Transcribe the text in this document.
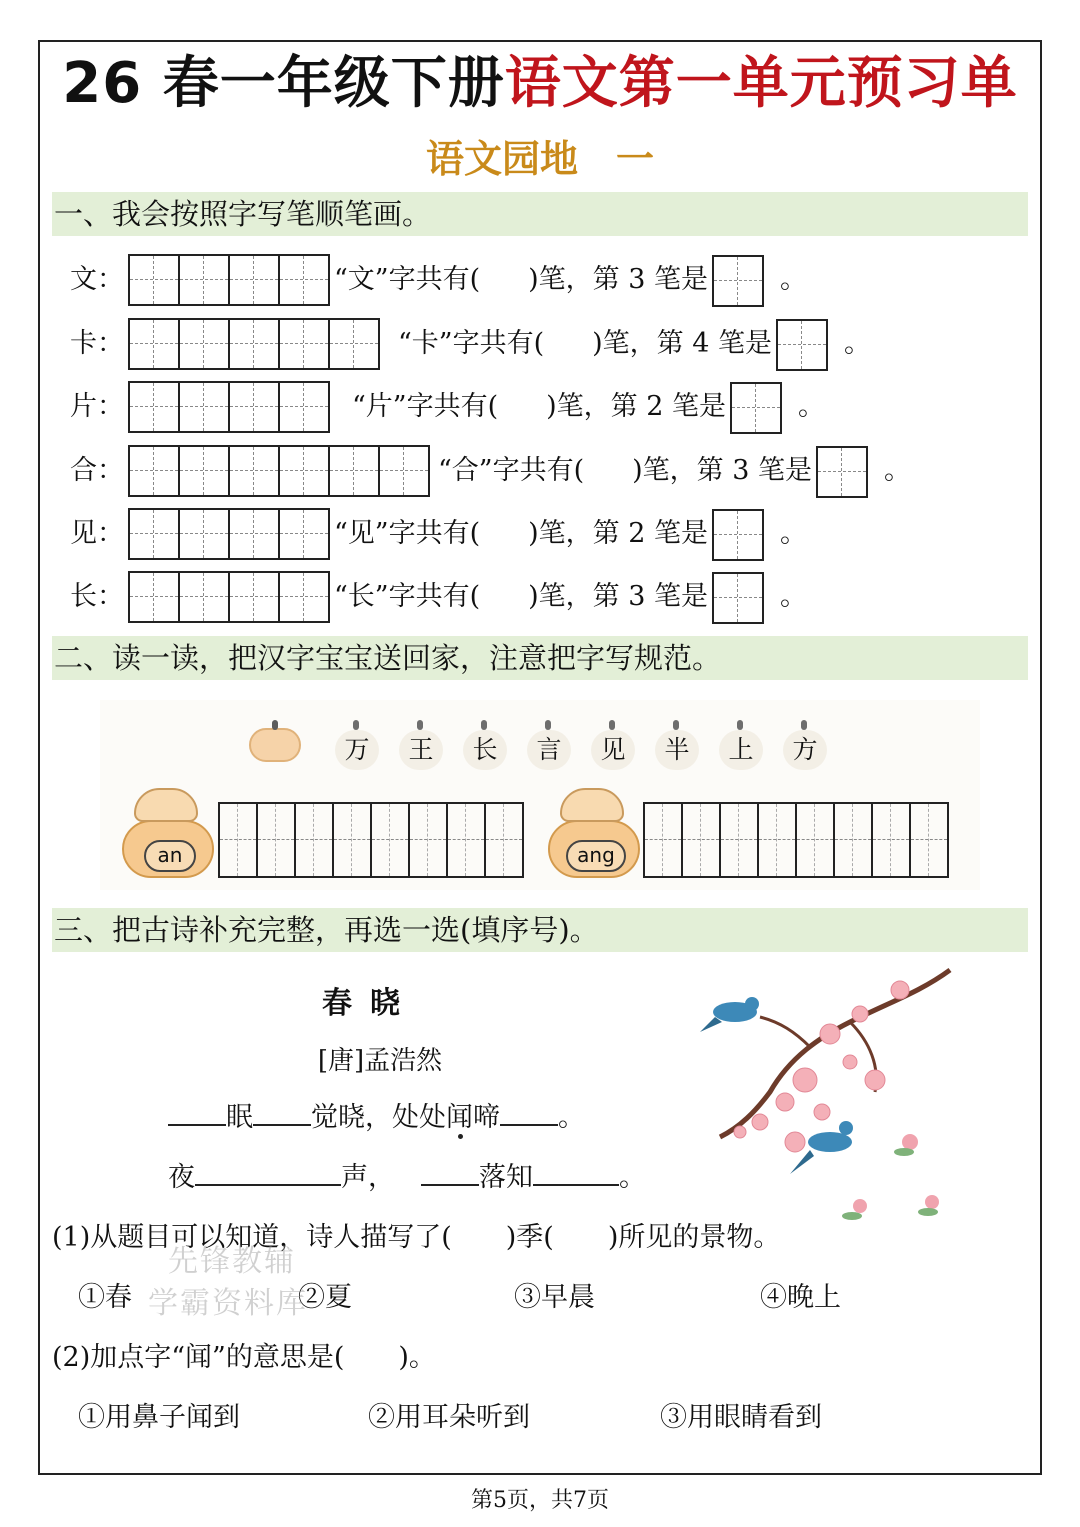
26 春一年级下册语文第一单元预习单
语文园地　一
一、我会按照字写笔顺笔画。
文：	“文”字共有( )笔，第 3 笔是	。
卡：	“卡”字共有( )笔，第 4 笔是	。
片：	“片”字共有( )笔，第 2 笔是	。
合：	“合”字共有( )笔，第 3 笔是	。
见：	“见”字共有( )笔，第 2 笔是	。
长：	“长”字共有( )笔，第 3 笔是	。
二、读一读，把汉字宝宝送回家，注意把字写规范。
万	王	长	言	见	半	上	方
an	ang
三、把古诗补充完整，再选一选(填序号)。
春晓
[唐]孟浩然
眠 觉晓，处处闻啼 。
夜	声，	落知	。
(1)从题目可以知道，诗人描写了(　　)季(　　)所见的景物。
①春	②夏	③早晨	④晚上
先锋教辅
学霸资料库
(2)加点字“闻”的意思是(　　)。
①用鼻子闻到	②用耳朵听到	③用眼睛看到
第5页，共7页
